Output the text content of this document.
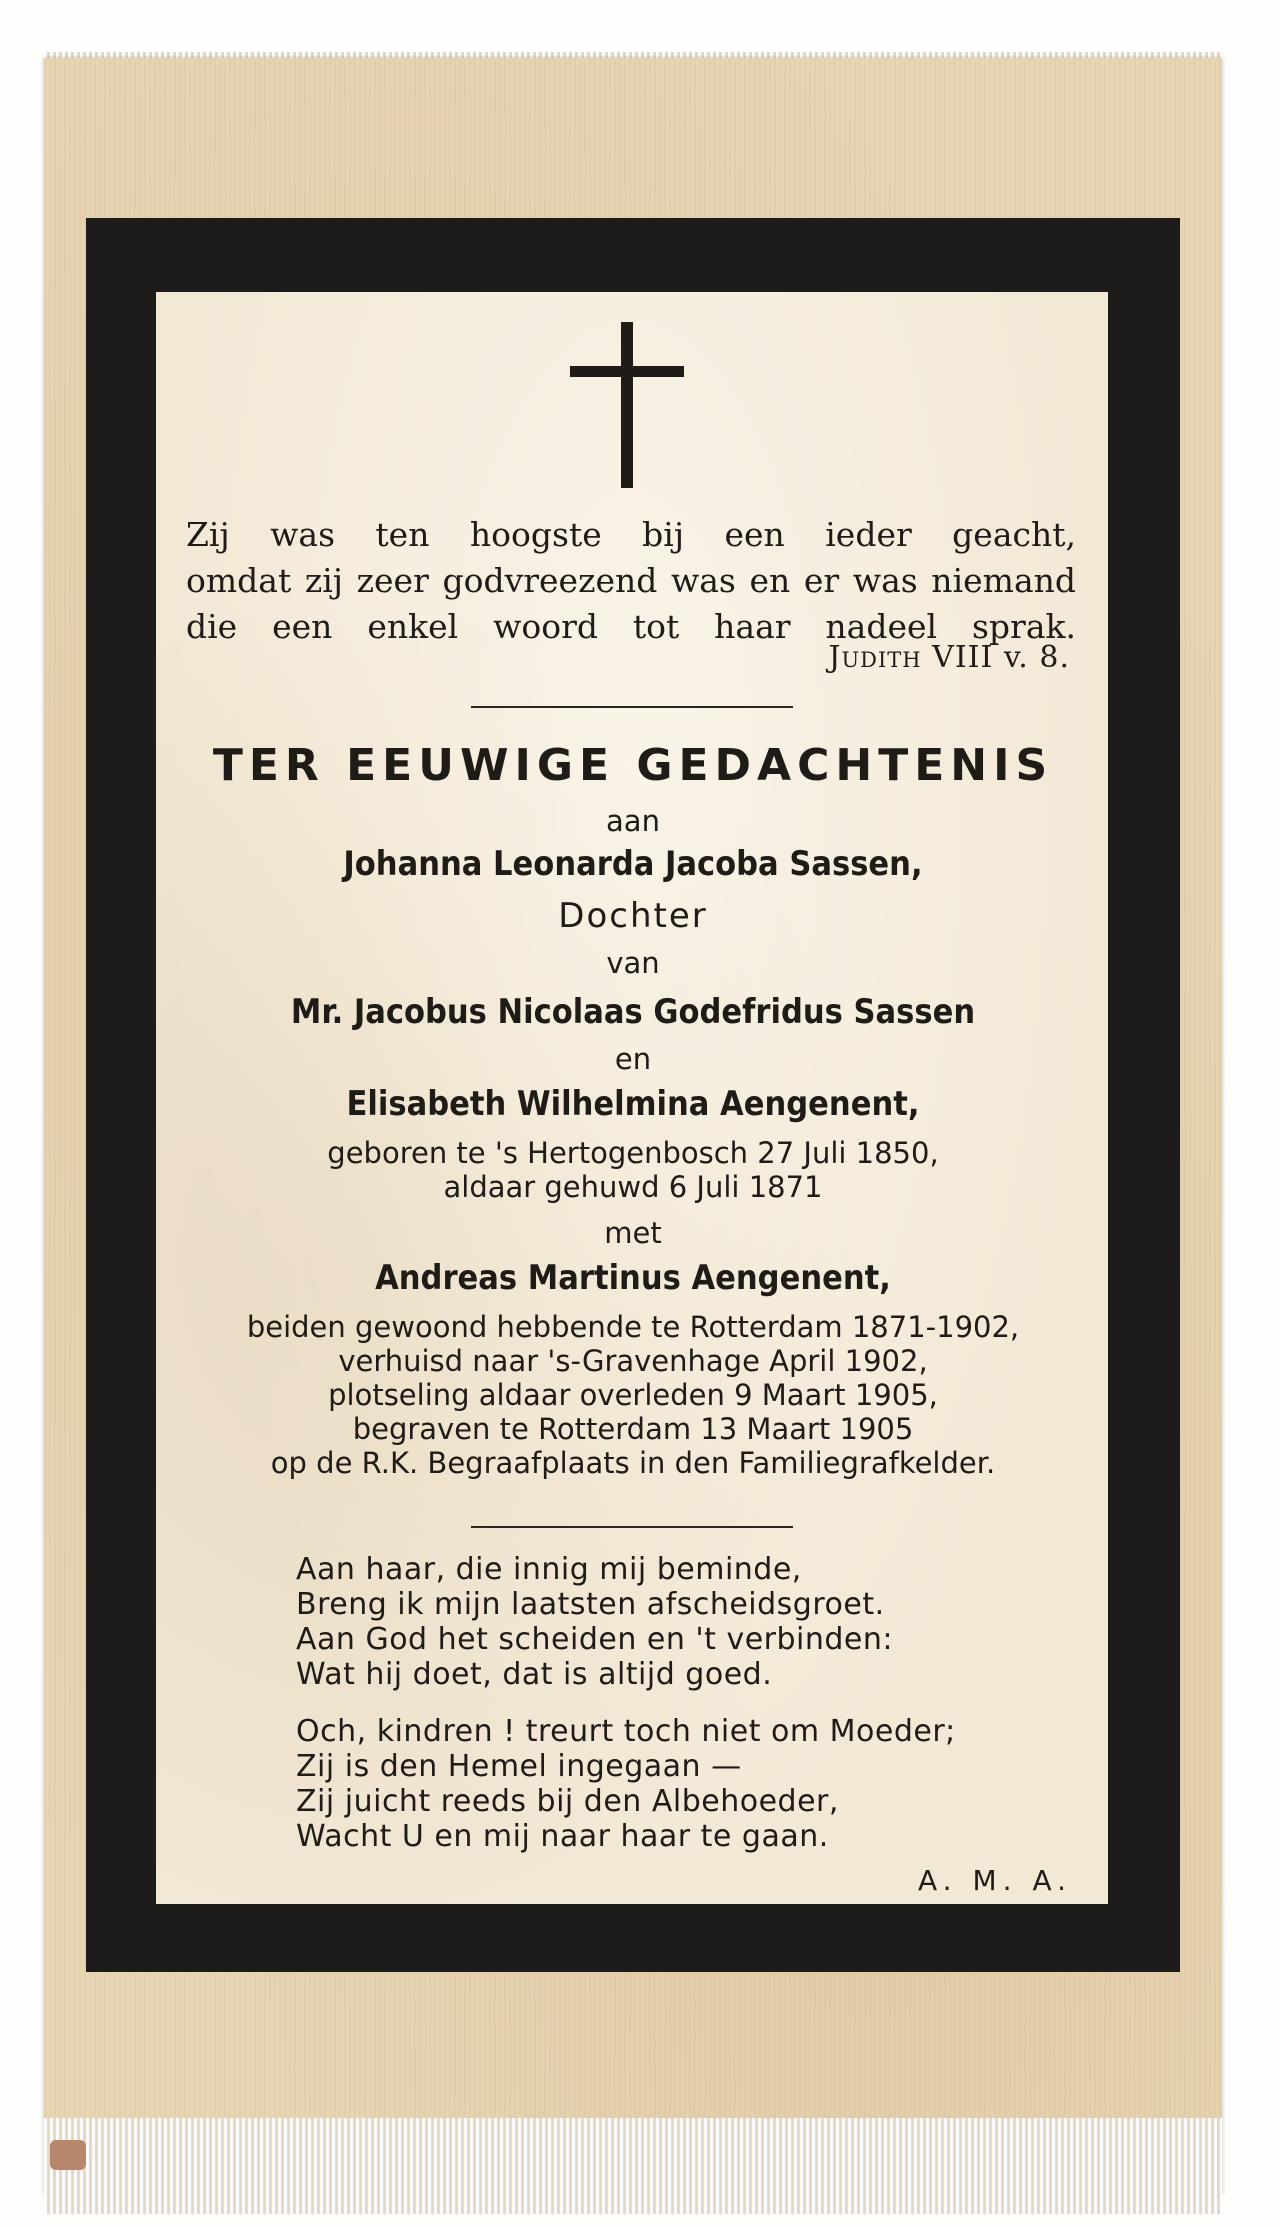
Zij was ten hoogste bij een ieder geacht,
omdat zij zeer godvreezend was en er was niemand
die een enkel woord tot haar nadeel sprak.
Judith VIII v. 8.
TER EEUWIGE GEDACHTENIS
aan
Johanna Leonarda Jacoba Sassen,
Dochter
van
Mr. Jacobus Nicolaas Godefridus Sassen
en
Elisabeth Wilhelmina Aengenent,
geboren te 's Hertogenbosch 27 Juli 1850,
aldaar gehuwd 6 Juli 1871
met
Andreas Martinus Aengenent,
beiden gewoond hebbende te Rotterdam 1871-1902,
verhuisd naar 's-Gravenhage April 1902,
plotseling aldaar overleden 9 Maart 1905,
begraven te Rotterdam 13 Maart 1905
op de R.K. Begraafplaats in den Familiegrafkelder.
Aan haar, die innig mij beminde,
Breng ik mijn laatsten afscheidsgroet.
Aan God het scheiden en 't verbinden:
Wat hij doet, dat is altijd goed.
Och, kindren ! treurt toch niet om Moeder;
Zij is den Hemel ingegaan —
Zij juicht reeds bij den Albehoeder,
Wacht U en mij naar haar te gaan.
A. M. A.
